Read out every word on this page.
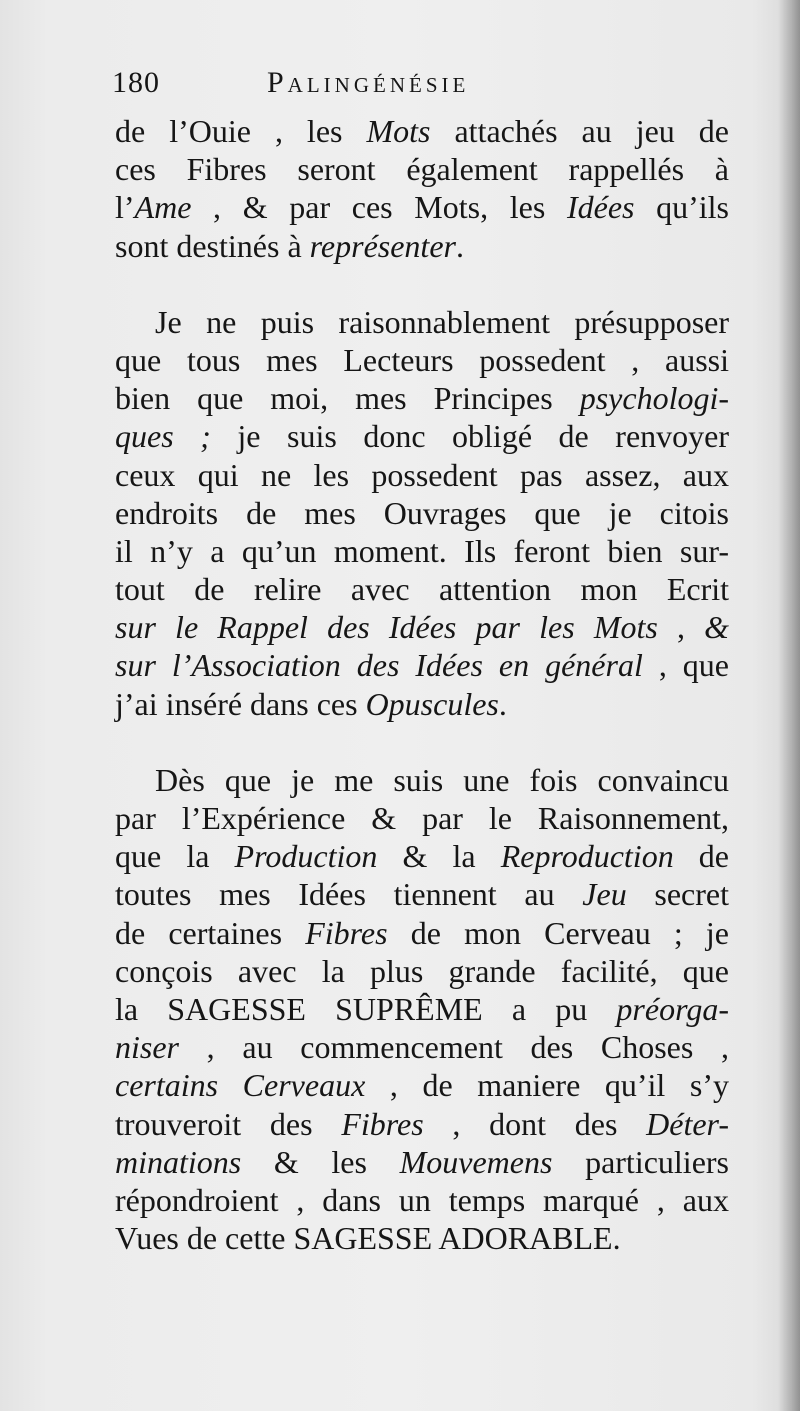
180	Palingénésie
de l’Ouie , les Mots attachés au jeu de
ces Fibres seront également rappellés à
l’Ame , & par ces Mots, les Idées qu’ils
sont destinés à représenter.
Je ne puis raisonnablement présupposer
que tous mes Lecteurs possedent , aussi
bien que moi, mes Principes psychologi-
ques ; je suis donc obligé de renvoyer
ceux qui ne les possedent pas assez, aux
endroits de mes Ouvrages que je citois
il n’y a qu’un moment. Ils feront bien sur-
tout de relire avec attention mon Ecrit
sur le Rappel des Idées par les Mots , &
sur l’Association des Idées en général , que
j’ai inséré dans ces Opuscules.
Dès que je me suis une fois convaincu
par l’Expérience & par le Raisonnement,
que la Production & la Reproduction de
toutes mes Idées tiennent au Jeu secret
de certaines Fibres de mon Cerveau ; je
conçois avec la plus grande facilité, que
la SAGESSE SUPRÊME a pu préorga-
niser , au commencement des Choses ,
certains Cerveaux , de maniere qu’il s’y
trouveroit des Fibres , dont des Déter-
minations & les Mouvemens particuliers
répondroient , dans un temps marqué , aux
Vues de cette SAGESSE ADORABLE.
